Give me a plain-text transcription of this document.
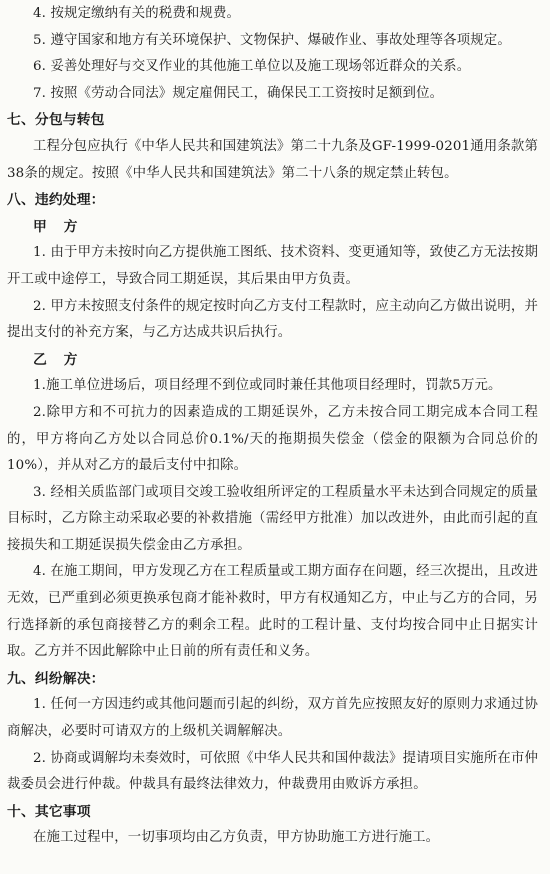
4. 按规定缴纳有关的税费和规费。

5. 遵守国家和地方有关环境保护、文物保护、爆破作业、事故处理等各项规定。

6. 妥善处理好与交叉作业的其他施工单位以及施工现场邻近群众的关系。

7. 按照《劳动合同法》规定雇佣民工，确保民工工资按时足额到位。

七、分包与转包

工程分包应执行《中华人民共和国建筑法》第二十九条及GF-1999-0201通用条款第38条的规定。按照《中华人民共和国建筑法》第二十八条的规定禁止转包。

八、违约处理：

甲 方

1. 由于甲方未按时向乙方提供施工图纸、技术资料、变更通知等，致使乙方无法按期开工或中途停工，导致合同工期延误，其后果由甲方负责。

2. 甲方未按照支付条件的规定按时向乙方支付工程款时，应主动向乙方做出说明，并提出支付的补充方案，与乙方达成共识后执行。

乙 方

1.施工单位进场后，项目经理不到位或同时兼任其他项目经理时，罚款5万元。

2.除甲方和不可抗力的因素造成的工期延误外，乙方未按合同工期完成本合同工程的，甲方将向乙方处以合同总价0.1%/天的拖期损失偿金（偿金的限额为合同总价的10%），并从对乙方的最后支付中扣除。

3. 经相关质监部门或项目交竣工验收组所评定的工程质量水平未达到合同规定的质量目标时，乙方除主动采取必要的补救措施（需经甲方批准）加以改进外，由此而引起的直接损失和工期延误损失偿金由乙方承担。

4. 在施工期间，甲方发现乙方在工程质量或工期方面存在问题，经三次提出，且改进无效，已严重到必须更换承包商才能补救时，甲方有权通知乙方，中止与乙方的合同，另行选择新的承包商接替乙方的剩余工程。此时的工程计量、支付均按合同中止日据实计取。乙方并不因此解除中止日前的所有责任和义务。

九、纠纷解决：

1. 任何一方因违约或其他问题而引起的纠纷，双方首先应按照友好的原则力求通过协商解决，必要时可请双方的上级机关调解解决。

2. 协商或调解均未奏效时，可依照《中华人民共和国仲裁法》提请项目实施所在市仲裁委员会进行仲裁。仲裁具有最终法律效力，仲裁费用由败诉方承担。

十、其它事项

在施工过程中，一切事项均由乙方负责，甲方协助施工方进行施工。
